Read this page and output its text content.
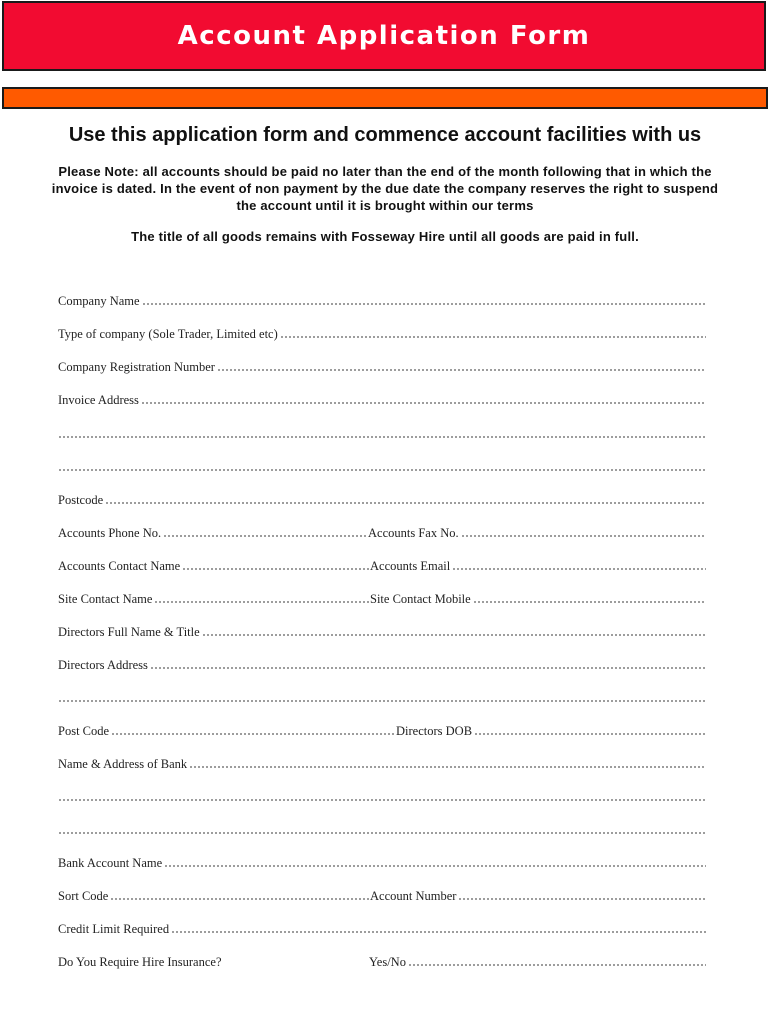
Account Application Form
Use this application form and commence account facilities with us
Please Note: all accounts should be paid no later than the end of the month following that in which the invoice is dated. In the event of non payment by the due date the company reserves the right to suspend the account until it is brought within our terms
The title of all goods remains with Fosseway Hire until all goods are paid in full.
Company Name
Type of company (Sole Trader, Limited etc)
Company Registration Number
Invoice Address
Postcode
Accounts Phone No.	Accounts Fax No.
Accounts Contact Name	Accounts Email
Site Contact Name	Site Contact Mobile
Directors Full Name & Title
Directors Address
Post Code	Directors DOB
Name & Address of Bank
Bank Account Name
Sort Code	Account Number
Credit Limit Required
Do You Require Hire Insurance?	Yes/No
